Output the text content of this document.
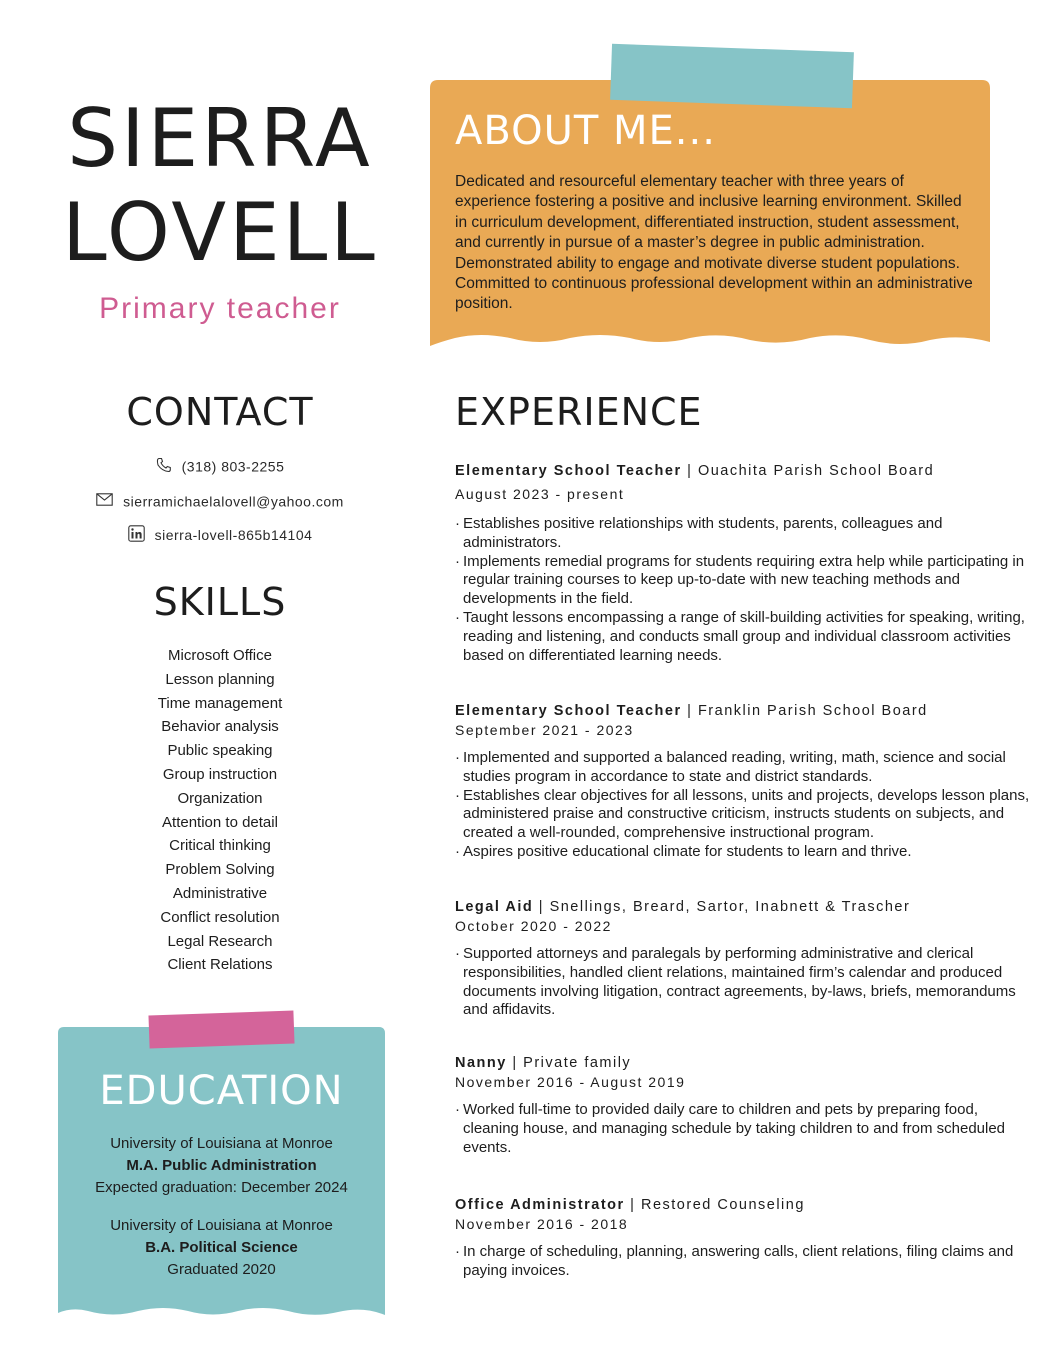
SIERRA
LOVELL
Primary teacher
ABOUT ME...
Dedicated and resourceful elementary teacher with three years of experience fostering a positive and inclusive learning environment. Skilled in curriculum development, differentiated instruction, student assessment, and currently in pursue of a master’s degree in public administration. Demonstrated ability to engage and motivate diverse student populations. Committed to continuous professional development within an administrative position.
CONTACT
(318) 803-2255
sierramichaelalovell@yahoo.com
sierra-lovell-865b14104
SKILLS
Microsoft Office
Lesson planning
Time management
Behavior analysis
Public speaking
Group instruction
Organization
Attention to detail
Critical thinking
Problem Solving
Administrative
Conflict resolution
Legal Research
Client Relations
EDUCATION
University of Louisiana at Monroe
M.A. Public Administration
Expected graduation: December 2024
University of Louisiana at Monroe
B.A. Political Science
Graduated 2020
EXPERIENCE
Elementary School Teacher | Ouachita Parish School Board
August 2023 - present
· Establishes positive relationships with students, parents, colleagues and administrators.
· Implements remedial programs for students requiring extra help while participating in regular training courses to keep up-to-date with new teaching methods and developments in the field.
· Taught lessons encompassing a range of skill-building activities for speaking, writing, reading and listening, and conducts small group and individual classroom activities based on differentiated learning needs.
Elementary School Teacher | Franklin Parish School Board
September 2021 - 2023
· Implemented and supported a balanced reading, writing, math, science and social studies program in accordance to state and district standards.
· Establishes clear objectives for all lessons, units and projects, develops lesson plans, administered praise and constructive criticism, instructs students on subjects, and created a well-rounded, comprehensive instructional program.
· Aspires positive educational climate for students to learn and thrive.
Legal Aid | Snellings, Breard, Sartor, Inabnett & Trascher
October 2020 - 2022
· Supported attorneys and paralegals by performing administrative and clerical responsibilities, handled client relations, maintained firm’s calendar and produced documents involving litigation, contract agreements, by-laws, briefs, memorandums and affidavits.
Nanny | Private family
November 2016 - August 2019
· Worked full-time to provided daily care to children and pets by preparing food, cleaning house, and managing schedule by taking children to and from scheduled events.
Office Administrator | Restored Counseling
November 2016 - 2018
· In charge of scheduling, planning, answering calls, client relations, filing claims and paying invoices.
